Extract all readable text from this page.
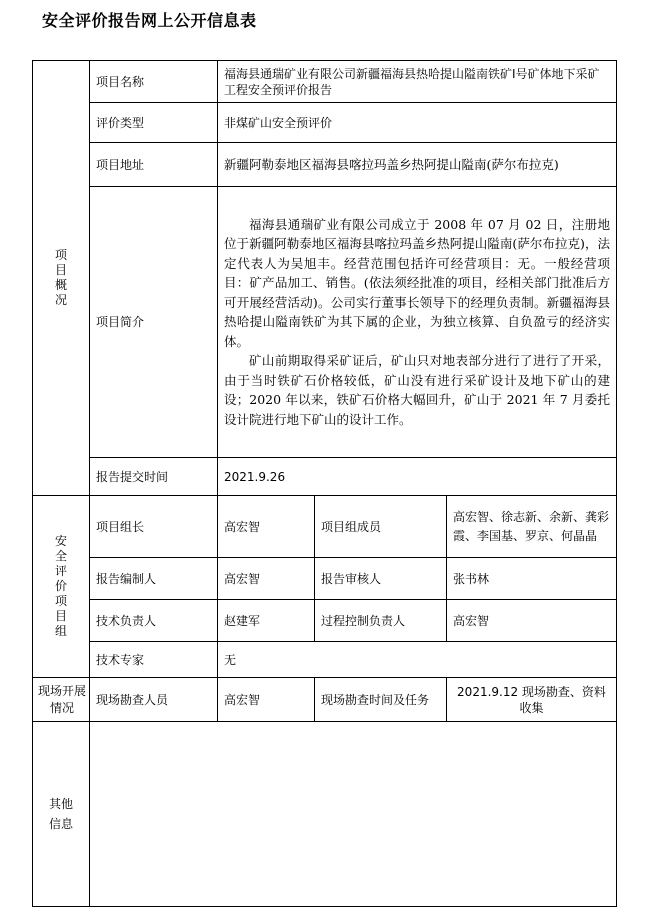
安全评价报告网上公开信息表
项目概况	项目名称	福海县通瑞矿业有限公司新疆福海县热哈提山隘南铁矿Ⅰ号矿体地下采矿工程安全预评价报告		
	评价类型	非煤矿山安全预评价		
	项目地址	新疆阿勒泰地区福海县喀拉玛盖乡热阿提山隘南(萨尔布拉克)		
	项目简介	福海县通瑞矿业有限公司成立于 2008 年 07 月 02 日，注册地位于新疆阿勒泰地区福海县喀拉玛盖乡热阿提山隘南(萨尔布拉克)，法定代表人为吴旭丰。经营范围包括许可经营项目：无。一般经营项目：矿产品加工、销售。(依法须经批准的项目，经相关部门批准后方可开展经营活动)。公司实行董事长领导下的经理负责制。新疆福海县热哈提山隘南铁矿为其下属的企业，为独立核算、自负盈亏的经济实体。

矿山前期取得采矿证后，矿山只对地表部分进行了进行了开采，由于当时铁矿石价格较低，矿山没有进行采矿设计及地下矿山的建设；2020 年以来，铁矿石价格大幅回升，矿山于 2021 年 7 月委托设计院进行地下矿山的设计工作。		

	报告提交时间	2021.9.26		
安全评价项目组	项目组长	高宏智	项目组成员	高宏智、徐志新、余新、龚彩霞、李国基、罗京、何晶晶
	报告编制人	高宏智	报告审核人	张书林
	技术负责人	赵建军	过程控制负责人	高宏智
	技术专家	无		
现场开展情况	现场勘查人员	高宏智	现场勘查时间及任务	2021.9.12 现场勘查、资料收集
其他信息				
